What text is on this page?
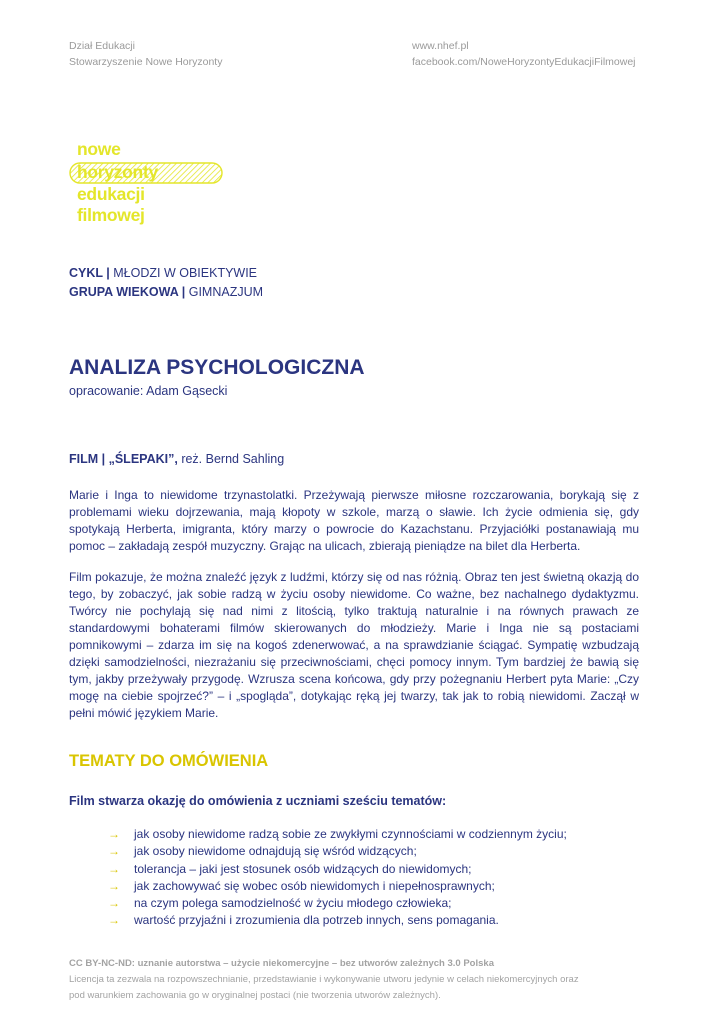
Dział Edukacji
Stowarzyszenie Nowe Horyzonty
www.nhef.pl
facebook.com/NoweHoryzontyEdukacjiFilmowej
nowe
horyzonty
edukacji
filmowej
CYKL | MŁODZI W OBIEKTYWIE
GRUPA WIEKOWA | GIMNAZJUM
ANALIZA PSYCHOLOGICZNA
opracowanie: Adam Gąsecki
FILM | „ŚLEPAKI”, reż. Bernd Sahling
Marie i Inga to niewidome trzynastolatki. Przeżywają pierwsze miłosne rozczarowania, borykają się z problemami wieku dojrzewania, mają kłopoty w szkole, marzą o sławie. Ich życie odmienia się, gdy spotykają Herberta, imigranta, który marzy o powrocie do Kazachstanu. Przyjaciółki postanawiają mu pomoc – zakładają zespół muzyczny. Grając na ulicach, zbierają pieniądze na bilet dla Herberta.
Film pokazuje, że można znaleźć język z ludźmi, którzy się od nas różnią. Obraz ten jest świetną okazją do tego, by zobaczyć, jak sobie radzą w życiu osoby niewidome. Co ważne, bez nachalnego dydaktyzmu. Twórcy nie pochylają się nad nimi z litością, tylko traktują naturalnie i na równych prawach ze standardowymi bohaterami filmów skierowanych do młodzieży. Marie i Inga nie są postaciami pomnikowymi – zdarza im się na kogoś zdenerwować, a na sprawdzianie ściągać. Sympatię wzbudzają dzięki samodzielności, niezrażaniu się przeciwnościami, chęci pomocy innym. Tym bardziej że bawią się tym, jakby przeżywały przygodę. Wzrusza scena końcowa, gdy przy pożegnaniu Herbert pyta Marie: „Czy mogę na ciebie spojrzeć?” – i „spogląda”, dotykając ręką jej twarzy, tak jak to robią niewidomi. Zaczął w pełni mówić językiem Marie.
TEMATY DO OMÓWIENIA
Film stwarza okazję do omówienia z uczniami sześciu tematów:
→ jak osoby niewidome radzą sobie ze zwykłymi czynnościami w codziennym życiu;
→ jak osoby niewidome odnajdują się wśród widzących;
→ tolerancja – jaki jest stosunek osób widzących do niewidomych;
→ jak zachowywać się wobec osób niewidomych i niepełnosprawnych;
→ na czym polega samodzielność w życiu młodego człowieka;
→ wartość przyjaźni i zrozumienia dla potrzeb innych, sens pomagania.
CC BY-NC-ND: uznanie autorstwa – użycie niekomercyjne – bez utworów zależnych 3.0 Polska
Licencja ta zezwala na rozpowszechnianie, przedstawianie i wykonywanie utworu jedynie w celach niekomercyjnych oraz
pod warunkiem zachowania go w oryginalnej postaci (nie tworzenia utworów zależnych).
